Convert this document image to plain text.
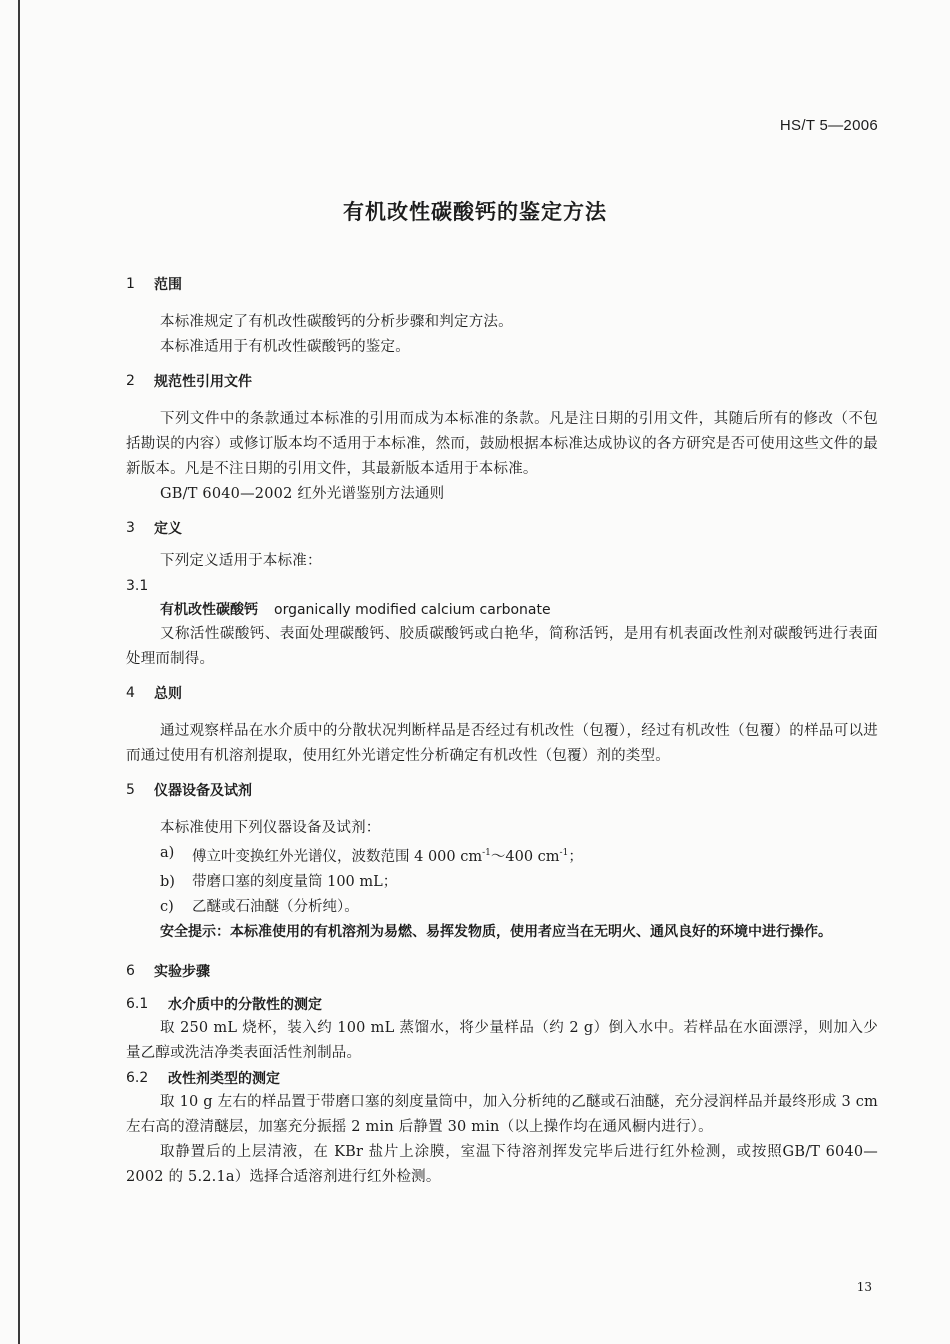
HS/T 5—2006
有机改性碳酸钙的鉴定方法
1	范围

本标准规定了有机改性碳酸钙的分析步骤和判定方法。

本标准适用于有机改性碳酸钙的鉴定。

2	规范性引用文件

下列文件中的条款通过本标准的引用而成为本标准的条款。凡是注日期的引用文件，其随后所有的修改（不包括勘误的内容）或修订版本均不适用于本标准，然而，鼓励根据本标准达成协议的各方研究是否可使用这些文件的最新版本。凡是不注日期的引用文件，其最新版本适用于本标准。

GB/T 6040—2002 红外光谱鉴别方法通则

3	定义

下列定义适用于本标准：

3.1
有机改性碳酸钙 organically modified calcium carbonate

又称活性碳酸钙、表面处理碳酸钙、胶质碳酸钙或白艳华，简称活钙，是用有机表面改性剂对碳酸钙进行表面处理而制得。

4	总则

通过观察样品在水介质中的分散状况判断样品是否经过有机改性（包覆），经过有机改性（包覆）的样品可以进而通过使用有机溶剂提取，使用红外光谱定性分析确定有机改性（包覆）剂的类型。

5	仪器设备及试剂

本标准使用下列仪器设备及试剂：

a)	傅立叶变换红外光谱仪，波数范围 4 000 $cm^{-1}\sim 400$ $cm^{-1}$；
b)	带磨口塞的刻度量筒 100 mL；
c)	乙醚或石油醚（分析纯）。

安全提示：本标准使用的有机溶剂为易燃、易挥发物质，使用者应当在无明火、通风良好的环境中进行操作。

6	实验步骤
6.1	水介质中的分散性的测定

取 250 mL 烧杯，装入约 100 mL 蒸馏水，将少量样品（约 2 g）倒入水中。若样品在水面漂浮，则加入少量乙醇或洗洁净类表面活性剂制品。

6.2	改性剂类型的测定

取 10 g 左右的样品置于带磨口塞的刻度量筒中，加入分析纯的乙醚或石油醚，充分浸润样品并最终形成 3 cm 左右高的澄清醚层，加塞充分振摇 2 min 后静置 30 min（以上操作均在通风橱内进行）。

取静置后的上层清液，在 KBr 盐片上涂膜，室温下待溶剂挥发完毕后进行红外检测，或按照GB/T 6040—2002 的 5.2.1a）选择合适溶剂进行红外检测。

13
